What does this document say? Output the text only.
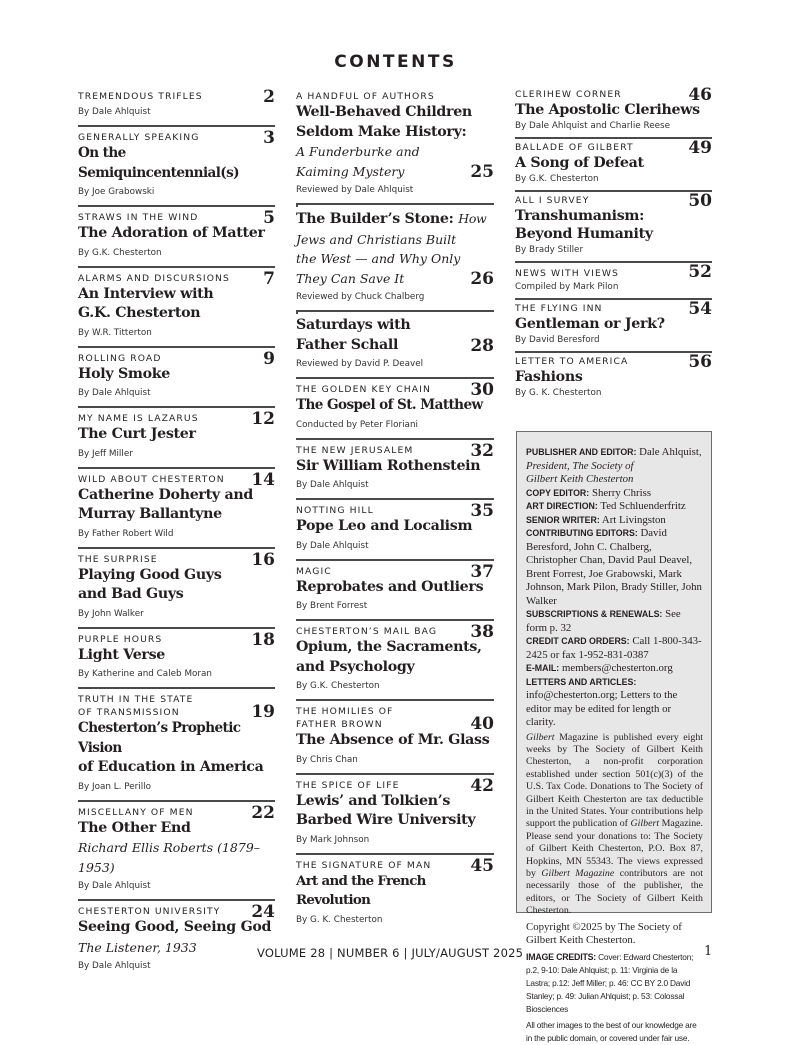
CONTENTS
2
TREMENDOUS TRIFLES
By Dale Ahlquist
3
GENERALLY SPEAKING
On the Semiquincentennial(s)
By Joe Grabowski
5
STRAWS IN THE WIND
The Adoration of Matter
By G.K. Chesterton
7
ALARMS AND DISCURSIONS
An Interview with
G.K. Chesterton
By W.R. Titterton
9
ROLLING ROAD
Holy Smoke
By Dale Ahlquist
12
MY NAME IS LAZARUS
The Curt Jester
By Jeff Miller
14
WILD ABOUT CHESTERTON
Catherine Doherty and
Murray Ballantyne
By Father Robert Wild
16
THE SURPRISE
Playing Good Guys
and Bad Guys
By John Walker
18
PURPLE HOURS
Light Verse
By Katherine and Caleb Moran
TRUTH IN THE STATE
OF TRANSMISSION	19
Chesterton’s Prophetic Vision
of Education in America
By Joan L. Perillo
22
MISCELLANY OF MEN
The Other End
Richard Ellis Roberts (1879–1953)
By Dale Ahlquist
24
CHESTERTON UNIVERSITY
Seeing Good, Seeing God
The Listener, 1933
By Dale Ahlquist
A HANDFUL OF AUTHORS
Well-Behaved Children
Seldom Make History:
A Funderburke and
Kaiming Mystery	25
Reviewed by Dale Ahlquist
The Builder’s Stone: How
Jews and Christians Built
the West — and Why Only
They Can Save It	26
Reviewed by Chuck Chalberg
Saturdays with
Father Schall	28
Reviewed by David P. Deavel
30
THE GOLDEN KEY CHAIN
The Gospel of St. Matthew
Conducted by Peter Floriani
32
THE NEW JERUSALEM
Sir William Rothenstein
By Dale Ahlquist
35
NOTTING HILL
Pope Leo and Localism
By Dale Ahlquist
37
MAGIC
Reprobates and Outliers
By Brent Forrest
38
CHESTERTON’S MAIL BAG
Opium, the Sacraments,
and Psychology
By G.K. Chesterton
THE HOMILIES OF
FATHER BROWN	40
The Absence of Mr. Glass
By Chris Chan
42
THE SPICE OF LIFE
Lewis’ and Tolkien’s
Barbed Wire University
By Mark Johnson
45
THE SIGNATURE OF MAN
Art and the French Revolution
By G. K. Chesterton
46
CLERIHEW CORNER
The Apostolic Clerihews
By Dale Ahlquist and Charlie Reese
49
BALLADE OF GILBERT
A Song of Defeat
By G.K. Chesterton
50
ALL I SURVEY
Transhumanism:
Beyond Humanity
By Brady Stiller
52
NEWS WITH VIEWS
Compiled by Mark Pilon
54
THE FLYING INN
Gentleman or Jerk?
By David Beresford
56
LETTER TO AMERICA
Fashions
By G. K. Chesterton

PUBLISHER AND EDITOR: Dale Ahlquist,

President, The Society of

Gilbert Keith Chesterton

COPY EDITOR: Sherry Chriss

ART DIRECTION: Ted Schluenderfritz

SENIOR WRITER: Art Livingston

CONTRIBUTING EDITORS: David Beresford, John C. Chalberg, Christopher Chan, David Paul Deavel, Brent Forrest, Joe Grabowski, Mark Johnson, Mark Pilon, Brady Stiller, John Walker

SUBSCRIPTIONS & RENEWALS: See form p. 32

CREDIT CARD ORDERS: Call 1-800-343-2425 or fax 1-952-831-0387

E-MAIL: members@chesterton.org

LETTERS AND ARTICLES: info@chesterton.org; Letters to the editor may be edited for length or clarity.

Gilbert Magazine is published every eight weeks by The Society of Gilbert Keith Chesterton, a non-profit corporation established under section 501(c)(3) of the U.S. Tax Code. Donations to The Society of Gilbert Keith Chesterton are tax deductible in the United States. Your contributions help support the publication of Gilbert Magazine. Please send your donations to: The Society of Gilbert Keith Chesterton, P.O. Box 87, Hopkins, MN 55343. The views expressed by Gilbert Magazine contributors are not necessarily those of the publisher, the editors, or The Society of Gilbert Keith Chesterton.

Copyright ©2025 by The Society of Gilbert Keith Chesterton.

IMAGE CREDITS: Cover: Edward Chesterton; p.2, 9-10: Dale Ahlquist; p. 11: Virginia de la Lastra; p.12: Jeff Miller; p. 46: CC BY 2.0 David Stanley; p. 49: Julian Ahlquist; p. 53: Colossal Biosciences

All other images to the best of our knowledge are in the public domain, or covered under fair use.

VOLUME 28 | NUMBER 6 | JULY/AUGUST 2025	1
